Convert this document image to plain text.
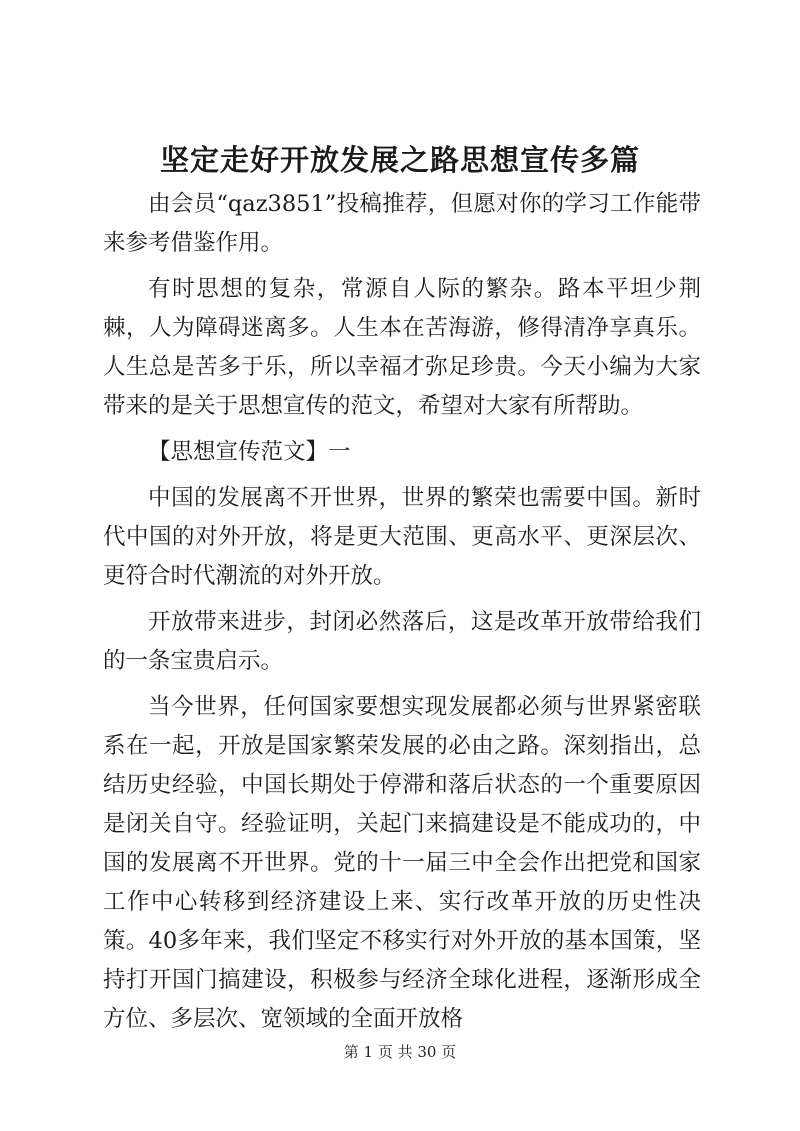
坚定走好开放发展之路思想宣传多篇

由会员“qaz3851”投稿推荐，但愿对你的学习工作能带来参考借鉴作用。

有时思想的复杂，常源自人际的繁杂。路本平坦少荆棘，人为障碍迷离多。人生本在苦海游，修得清净享真乐。人生总是苦多于乐，所以幸福才弥足珍贵。今天小编为大家带来的是关于思想宣传的范文，希望对大家有所帮助。

【思想宣传范文】一

中国的发展离不开世界，世界的繁荣也需要中国。新时代中国的对外开放，将是更大范围、更高水平、更深层次、更符合时代潮流的对外开放。

开放带来进步，封闭必然落后，这是改革开放带给我们的一条宝贵启示。

当今世界，任何国家要想实现发展都必须与世界紧密联系在一起，开放是国家繁荣发展的必由之路。深刻指出，总结历史经验，中国长期处于停滞和落后状态的一个重要原因是闭关自守。经验证明，关起门来搞建设是不能成功的，中国的发展离不开世界。党的十一届三中全会作出把党和国家工作中心转移到经济建设上来、实行改革开放的历史性决策。40多年来，我们坚定不移实行对外开放的基本国策，坚持打开国门搞建设，积极参与经济全球化进程，逐渐形成全方位、多层次、宽领域的全面开放格

第 1 页 共 30 页
